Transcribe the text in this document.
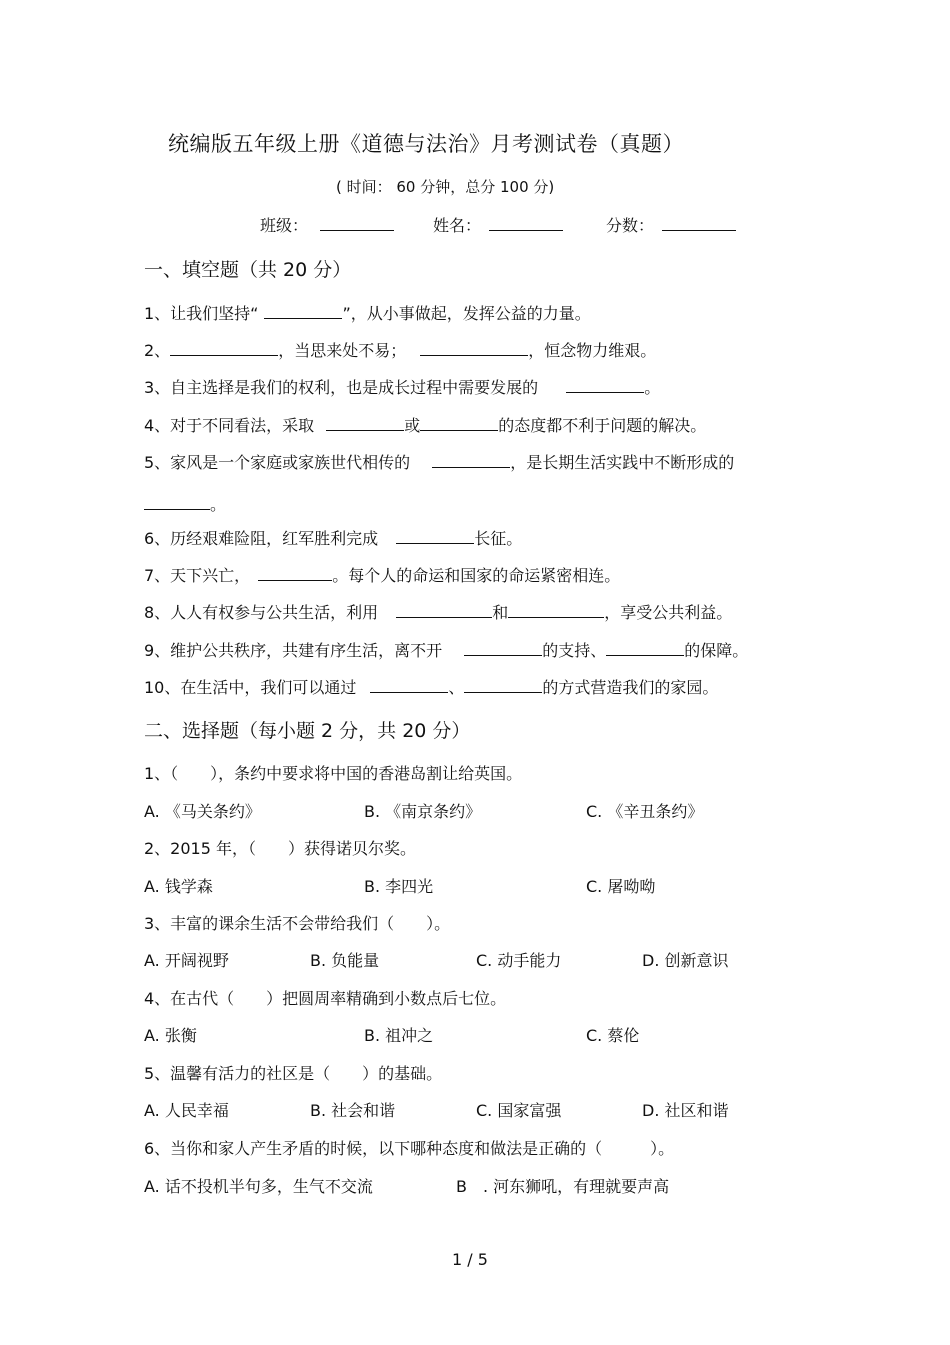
统编版五年级上册《道德与法治》月考测试卷（真题）
( 时间： 60 分钟，总分 100 分)
班级：	姓名：	分数：
一、填空题（共 20 分）
1、让我们坚持“	”，从小事做起，发挥公益的力量。
2、	，当思来处不易；	，恒念物力维艰。
3、自主选择是我们的权利，也是成长过程中需要发展的	。
4、对于不同看法，采取	或	的态度都不利于问题的解决。
5、家风是一个家庭或家族世代相传的	，是长期生活实践中不断形成的
。
6、历经艰难险阻，红军胜利完成	长征。
7、天下兴亡，	。每个人的命运和国家的命运紧密相连。
8、人人有权参与公共生活，利用	和	，享受公共利益。
9、维护公共秩序，共建有序生活，离不开	的支持、	的保障。
10、在生活中，我们可以通过	、	的方式营造我们的家园。
二、选择题（每小题 2 分，共 20 分）
1、（　　），条约中要求将中国的香港岛割让给英国。
A. 《马关条约》	B. 《南京条约》	C. 《辛丑条约》
2、2015 年，（　　）获得诺贝尔奖。
A. 钱学森	B. 李四光	C. 屠呦呦
3、丰富的课余生活不会带给我们（　　）。
A. 开阔视野	B. 负能量	C. 动手能力	D. 创新意识
4、在古代（　　）把圆周率精确到小数点后七位。
A. 张衡	B. 祖冲之	C. 蔡伦
5、温馨有活力的社区是（　　）的基础。
A. 人民幸福	B. 社会和谐	C. 国家富强	D. 社区和谐
6、当你和家人产生矛盾的时候，以下哪种态度和做法是正确的（　　　）。
A. 话不投机半句多，生气不交流	B　. 河东狮吼，有理就要声高
1 / 5
